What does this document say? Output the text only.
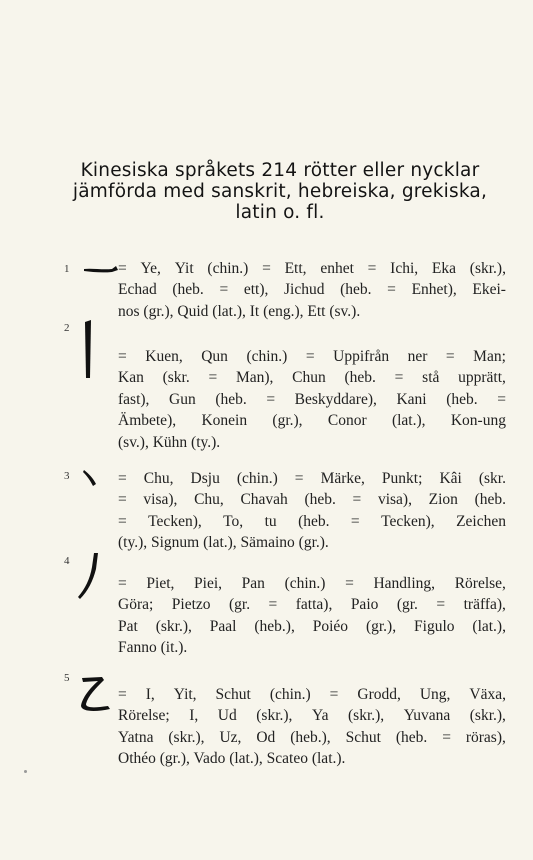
Kinesiska språkets 214 rötter eller nycklar
jämförda med sanskrit, hebreiska, grekiska,
latin o. fl.
1	= Ye, Yit (chin.) = Ett, enhet = Ichi, Eka (skr.),
Echad (heb. = ett), Jichud (heb. = Enhet), Ekei-
nos (gr.), Quid (lat.), It (eng.), Ett (sv.).
2
= Kuen, Qun (chin.) = Uppifrån ner = Man;
Kan (skr. = Man), Chun (heb. = stå upprätt,
fast), Gun (heb. = Beskyddare), Kani (heb. =
Ämbete), Konein (gr.), Conor (lat.), Kon-ung
(sv.), Kühn (ty.).
3	= Chu, Dsju (chin.) = Märke, Punkt; Kâi (skr.
= visa), Chu, Chavah (heb. = visa), Zion (heb.
= Tecken), To, tu (heb. = Tecken), Zeichen
(ty.), Signum (lat.), Sämaino (gr.).
4
= Piet, Piei, Pan (chin.) = Handling, Rörelse,
Göra; Pietzo (gr. = fatta), Paio (gr. = träffa),
Pat (skr.), Paal (heb.), Poiéo (gr.), Figulo (lat.),
Fanno (it.).
5
= I, Yit, Schut (chin.) = Grodd, Ung, Växa,
Rörelse; I, Ud (skr.), Ya (skr.), Yuvana (skr.),
Yatna (skr.), Uz, Od (heb.), Schut (heb. = röras),
Othéo (gr.), Vado (lat.), Scateo (lat.).
